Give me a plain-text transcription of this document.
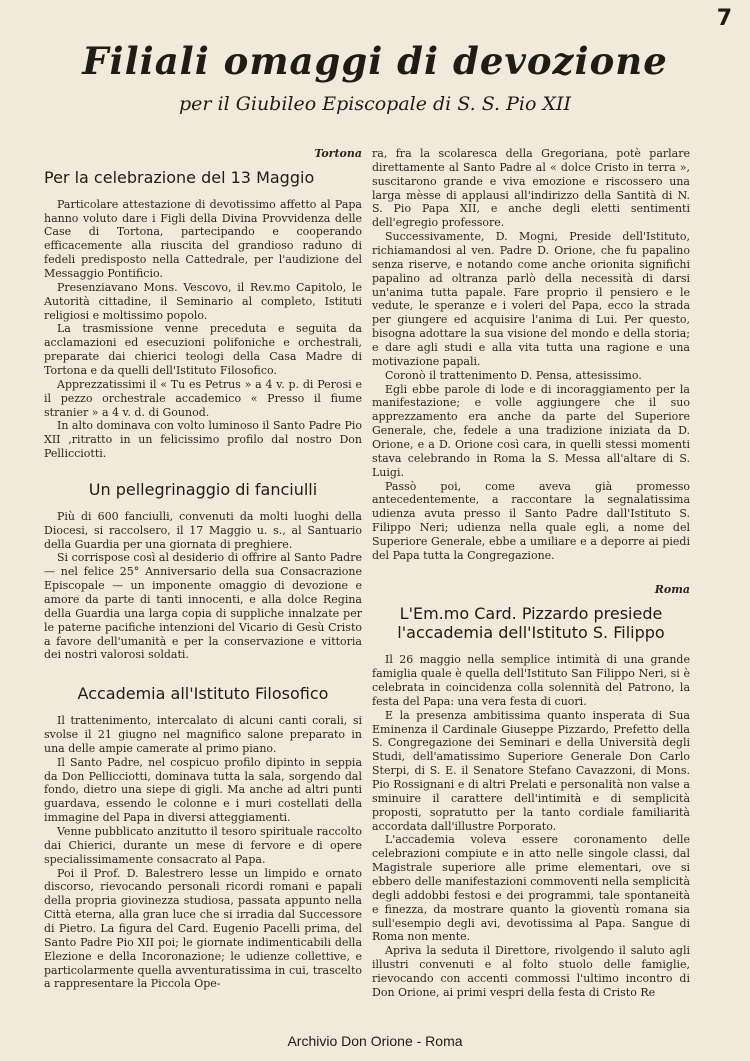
7
Filiali omaggi di devozione
per il Giubileo Episcopale di S. S. Pio XII
Tortona
Per la celebrazione del 13 Maggio

Particolare attestazione di devotissimo affetto al Papa hanno voluto dare i Figli della Divina Provvidenza delle Case di Tortona, partecipando e cooperando efficacemente alla riuscita del grandioso raduno di fedeli predisposto nella Cattedrale, per l'audizione del Messaggio Pontificio.

Presenziavano Mons. Vescovo, il Rev.mo Capitolo, le Autorità cittadine, il Seminario al completo, Istituti religiosi e moltissimo popolo.

La trasmissione venne preceduta e seguita da acclamazioni ed esecuzioni polifoniche e orchestrali, preparate dai chierici teologi della Casa Madre di Tortona e da quelli dell'Istituto Filosofico.

Apprezzatissimi il « Tu es Petrus » a 4 v. p. di Perosi e il pezzo orchestrale accademico « Presso il fiume stranier » a 4 v. d. di Gounod.

In alto dominava con volto luminoso il Santo Padre Pio XII ,ritratto in un felicissimo profilo dal nostro Don Pellicciotti.

Un pellegrinaggio di fanciulli

Più di 600 fanciulli, convenuti da molti luoghi della Diocesi, si raccolsero, il 17 Maggio u. s., al Santuario della Guardia per una giornata di preghiere.

Si corrispose così al desiderio di offrire al Santo Padre — nel felice 25° Anniversario della sua Consacrazione Episcopale — un imponente omaggio di devozione e amore da parte di tanti innocenti, e alla dolce Regina della Guardia una larga copia di suppliche innalzate per le paterne pacifiche intenzioni del Vicario di Gesù Cristo a favore dell'umanità e per la conservazione e vittoria dei nostri valorosi soldati.

Accademia all'Istituto Filosofico

Il trattenimento, intercalato di alcuni canti corali, si svolse il 21 giugno nel magnifico salone preparato in una delle ampie camerate al primo piano.

Il Santo Padre, nel cospicuo profilo dipinto in seppia da Don Pellicciotti, dominava tutta la sala, sorgendo dal fondo, dietro una siepe di gigli. Ma anche ad altri punti guardava, essendo le colonne e i muri costellati della immagine del Papa in diversi atteggiamenti.

Venne pubblicato anzitutto il tesoro spirituale raccolto dai Chierici, durante un mese di fervore e di opere specialissimamente consacrato al Papa.

Poi il Prof. D. Balestrero lesse un limpido e ornato discorso, rievocando personali ricordi romani e papali della propria giovinezza studiosa, passata appunto nella Città eterna, alla gran luce che si irradia dal Successore di Pietro. La figura del Card. Eugenio Pacelli prima, del Santo Padre Pio XII poi; le giornate indimenticabili della Elezione e della Incoronazione; le udienze collettive, e particolarmente quella avventuratissima in cui, trascelto a rappresentare la Piccola Ope-

ra, fra la scolaresca della Gregoriana, potè parlare direttamente al Santo Padre al « dolce Cristo in terra », suscitarono grande e viva emozione e riscossero una larga mèsse di applausi all'indirizzo della Santità di N. S. Pio Papa XII, e anche degli eletti sentimenti dell'egregio professore.

Successivamente, D. Mogni, Preside dell'Istituto, richiamandosi al ven. Padre D. Orione, che fu papalino senza riserve, e notando come anche orionita significhi papalino ad oltranza parlò della necessità di darsi un'anima tutta papale. Fare proprio il pensiero e le vedute, le speranze e i voleri del Papa, ecco la strada per giungere ed acquisire l'anima di Lui. Per questo, bisogna adottare la sua visione del mondo e della storia; e dare agli studi e alla vita tutta una ragione e una motivazione papali.

Coronò il trattenimento D. Pensa, attesissimo.

Egli ebbe parole di lode e di incoraggiamento per la manifestazione; e volle aggiungere che il suo apprezzamento era anche da parte del Superiore Generale, che, fedele a una tradizione iniziata da D. Orione, e a D. Orione così cara, in quelli stessi momenti stava celebrando in Roma la S. Messa all'altare di S. Luigi.

Passò poi, come aveva già promesso antecedentemente, a raccontare la segnalatissima udienza avuta presso il Santo Padre dall'Istituto S. Filippo Neri; udienza nella quale egli, a nome del Superiore Generale, ebbe a umiliare e a deporre ai piedi del Papa tutta la Congregazione.

Roma
L'Em.mo Card. Pizzardo presiede l'accademia dell'Istituto S. Filippo

Il 26 maggio nella semplice intimità di una grande famiglia quale è quella dell'Istituto San Filippo Neri, si è celebrata in coincidenza colla solennità del Patrono, la festa del Papa: una vera festa di cuori.

E la presenza ambitissima quanto insperata di Sua Eminenza il Cardinale Giuseppe Pizzardo, Prefetto della S. Congregazione dei Seminari e della Università degli Studi, dell'amatissimo Superiore Generale Don Carlo Sterpi, di S. E. il Senatore Stefano Cavazzoni, di Mons. Pio Rossignani e di altri Prelati e personalità non valse a sminuire il carattere dell'intimità e di semplicità proposti, sopratutto per la tanto cordiale familiarità accordata dall'illustre Porporato.

L'accademia voleva essere coronamento delle celebrazioni compiute e in atto nelle singole classi, dal Magistrale superiore alle prime elementari, ove si ebbero delle manifestazioni commoventi nella semplicità degli addobbi festosi e dei programmi, tale spontaneità e finezza, da mostrare quanto la gioventù romana sia sull'esempio degli avi, devotissima al Papa. Sangue di Roma non mente.

Apriva la seduta il Direttore, rivolgendo il saluto agli illustri convenuti e al folto stuolo delle famiglie, rievocando con accenti commossi l'ultimo incontro di Don Orione, ai primi vespri della festa di Cristo Re

Archivio Don Orione - Roma
